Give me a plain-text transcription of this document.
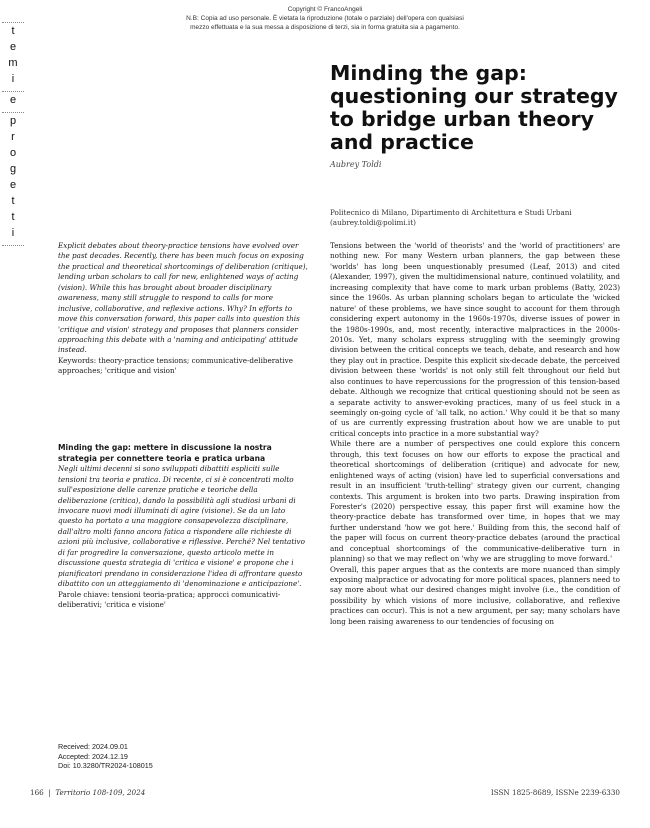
Copyright © FrancoAngeli
N.B: Copia ad uso personale. È vietata la riproduzione (totale o parziale) dell'opera con qualsiasi
mezzo effettuata e la sua messa a disposizione di terzi, sia in forma gratuita sia a pagamento.
t
e
m
i
e
p
r
o
g
e
t
t
i
Minding the gap: questioning our strategy to bridge urban theory and practice
Aubrey Toldi
Politecnico di Milano, Dipartimento di Architettura e Studi Urbani
(aubrey.toldi@polimi.it)
Explicit debates about theory-practice tensions have evolved over the past decades. Recently, there has been much focus on exposing the practical and theoretical shortcomings of deliberation (critique), lending urban scholars to call for new, enlightened ways of acting (vision). While this has brought about broader disciplinary awareness, many still struggle to respond to calls for more inclusive, collaborative, and reflexive actions. Why? In efforts to move this conversation forward, this paper calls into question this 'critique and vision' strategy and proposes that planners consider approaching this debate with a 'naming and anticipating' attitude instead.
Keywords: theory-practice tensions; communicative-deliberative approaches; 'critique and vision'
Minding the gap: mettere in discussione la nostra strategia per connettere teoria e pratica urbana
Negli ultimi decenni si sono sviluppati dibattiti espliciti sulle tensioni tra teoria e pratica. Di recente, ci si è concentrati molto sull'esposizione delle carenze pratiche e teoriche della deliberazione (critica), dando la possibilità agli studiosi urbani di invocare nuovi modi illuminati di agire (visione). Se da un lato questo ha portato a una maggiore consapevolezza disciplinare, dall'altro molti fanno ancora fatica a rispondere alle richieste di azioni più inclusive, collaborative e riflessive. Perché? Nel tentativo di far progredire la conversazione, questo articolo mette in discussione questa strategia di 'critica e visione' e propone che i pianificatori prendano in considerazione l'idea di affrontare questo dibattito con un atteggiamento di 'denominazione e anticipazione'.
Parole chiave: tensioni teoria-pratica; approcci comunicativi-deliberativi; 'critica e visione'
Received: 2024.09.01
Accepted: 2024.12.19
Doi: 10.3280/TR2024-108015

Tensions between the 'world of theorists' and the 'world of practitioners' are nothing new. For many Western urban planners, the gap between these 'worlds' has long been unquestionably presumed (Leaf, 2013) and cited (Alexander, 1997), given the multidimensional nature, continued volatility, and increasing complexity that have come to mark urban problems (Batty, 2023) since the 1960s. As urban planning scholars began to articulate the 'wicked nature' of these problems, we have since sought to account for them through considering expert autonomy in the 1960s-1970s, diverse issues of power in the 1980s-1990s, and, most recently, interactive malpractices in the 2000s-2010s. Yet, many scholars express struggling with the seemingly growing division between the critical concepts we teach, debate, and research and how they play out in practice. Despite this explicit six-decade debate, the perceived division between these 'worlds' is not only still felt throughout our field but also continues to have repercussions for the progression of this tension-based debate. Although we recognize that critical questioning should not be seen as a separate activity to answer-evoking practices, many of us feel stuck in a seemingly on-going cycle of 'all talk, no action.' Why could it be that so many of us are currently expressing frustration about how we are unable to put critical concepts into practice in a more substantial way?

While there are a number of perspectives one could explore this concern through, this text focuses on how our efforts to expose the practical and theoretical shortcomings of deliberation (critique) and advocate for new, enlightened ways of acting (vision) have led to superficial conversations and result in an insufficient 'truth-telling' strategy given our current, changing contexts. This argument is broken into two parts. Drawing inspiration from Forester's (2020) perspective essay, this paper first will examine how the theory-practice debate has transformed over time, in hopes that we may further understand 'how we got here.' Building from this, the second half of the paper will focus on current theory-practice debates (around the practical and conceptual shortcomings of the communicative-deliberative turn in planning) so that we may reflect on 'why we are struggling to move forward.'

Overall, this paper argues that as the contexts are more nuanced than simply exposing malpractice or advocating for more political spaces, planners need to say more about what our desired changes might involve (i.e., the condition of possibility by which visions of more inclusive, collaborative, and reflexive practices can occur). This is not a new argument, per say; many scholars have long been raising awareness to our tendencies of focusing on

166  |  Territorio 108-109, 2024	ISSN 1825-8689, ISSNe 2239-6330
